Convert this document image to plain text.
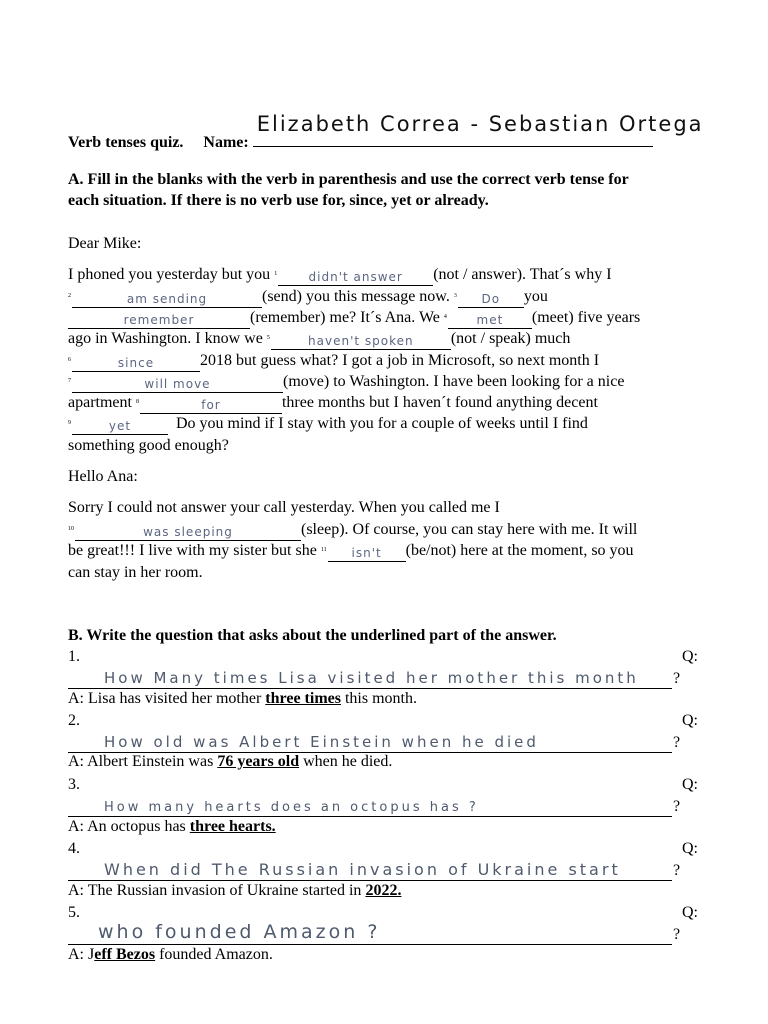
Verb tenses quiz. Name:
Elizabeth Correa - Sebastian Ortega
A. Fill in the blanks with the verb in parenthesis and use the correct verb tense for
each situation. If there is no verb use for, since, yet or already.
Dear Mike:
I phoned you yesterday but you $^1$	didn't answer (not / answer). That´s why I
$^2$	am sending	(send) you this message now. $^3$ Do you
remember	(remember) me? It´s Ana. We $^4$ met (meet) five years
ago in Washington. I know we $^5$	haven't spoken (not / speak) much
$^6$	since	2018 but guess what? I got a job in Microsoft, so next month I
$^7$	will move	(move) to Washington. I have been looking for a nice
apartment $^8$	for	three months but I haven´t found anything decent
$^9$	yet	Do you mind if I stay with you for a couple of weeks until I find
something good enough?
Hello Ana:
Sorry I could not answer your call yesterday. When you called me I
$^{10}$	was sleeping	(sleep). Of course, you can stay here with me. It will
be great!!! I live with my sister but she $^{11}$ isn't (be/not) here at the moment, so you
can stay in her room.
B. Write the question that asks about the underlined part of the answer.
1.	Q:
How Many times Lisa visited her mother this month ?
A: Lisa has visited her mother three times this month.
2.	Q:
How old was Albert Einstein when he died	?
A: Albert Einstein was 76 years old when he died.
3.	Q:
How many hearts does an octopus has ?	?
A: An octopus has three hearts.
4.	Q:
When did The Russian invasion of Ukraine start	?
A: The Russian invasion of Ukraine started in 2022.
5.	Q:
who founded Amazon ?	?
A: Jeff Bezos founded Amazon.
